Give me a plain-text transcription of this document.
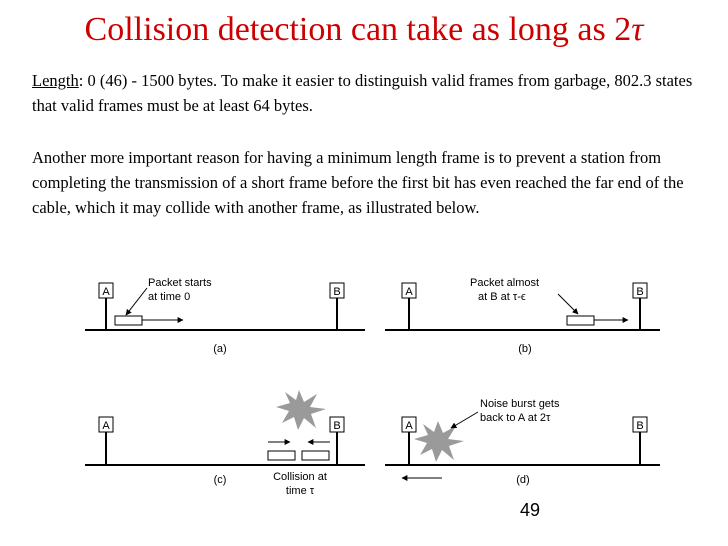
Collision detection can take as long as 2τ

Length: 0 (46) - 1500 bytes. To make it easier to distinguish valid frames from garbage, 802.3 states that valid frames must be at least 64 bytes.

Another more important reason for having a minimum length frame is to prevent a station from completing the transmission of a short frame before the first bit has even reached the far end of the cable, which it may collide with another frame, as illustrated below.

A	B
Packet starts
at time 0
(a)
A	B
Packet almost
at B at τ-ϵ
(b)
A	B
(c)	Collision at
time τ
A	B
Noise burst gets
back to A at 2τ
(d)
49
